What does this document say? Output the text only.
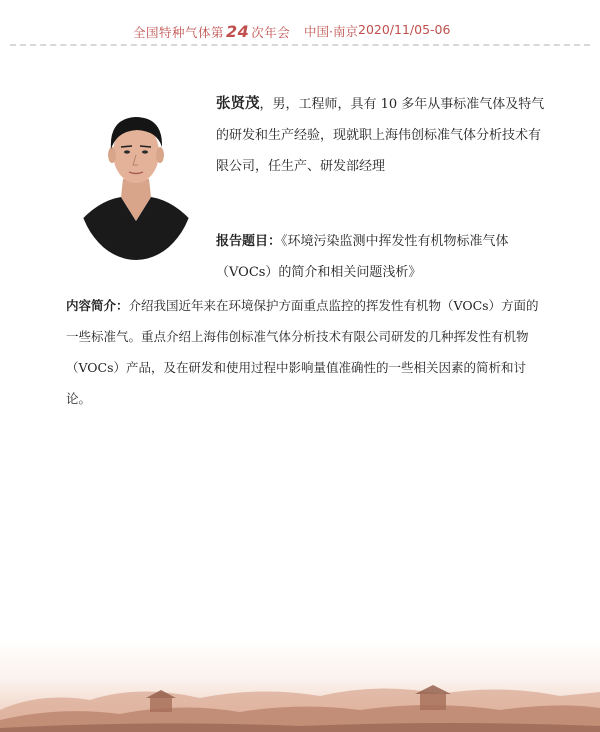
全国特种气体第 24 次年会 中国·南京 2020/11/05-06
张贤茂，男，工程师，具有 10 多年从事标准气体及特气的研发和生产经验，现就职上海伟创标准气体分析技术有限公司，任生产、研发部经理
报告题目：《环境污染监测中挥发性有机物标准气体（VOCs）的简介和相关问题浅析》
内容简介：介绍我国近年来在环境保护方面重点监控的挥发性有机物（VOCs）方面的一些标准气。重点介绍上海伟创标准气体分析技术有限公司研发的几种挥发性有机物（VOCs）产品，及在研发和使用过程中影响量值准确性的一些相关因素的简析和讨论。
